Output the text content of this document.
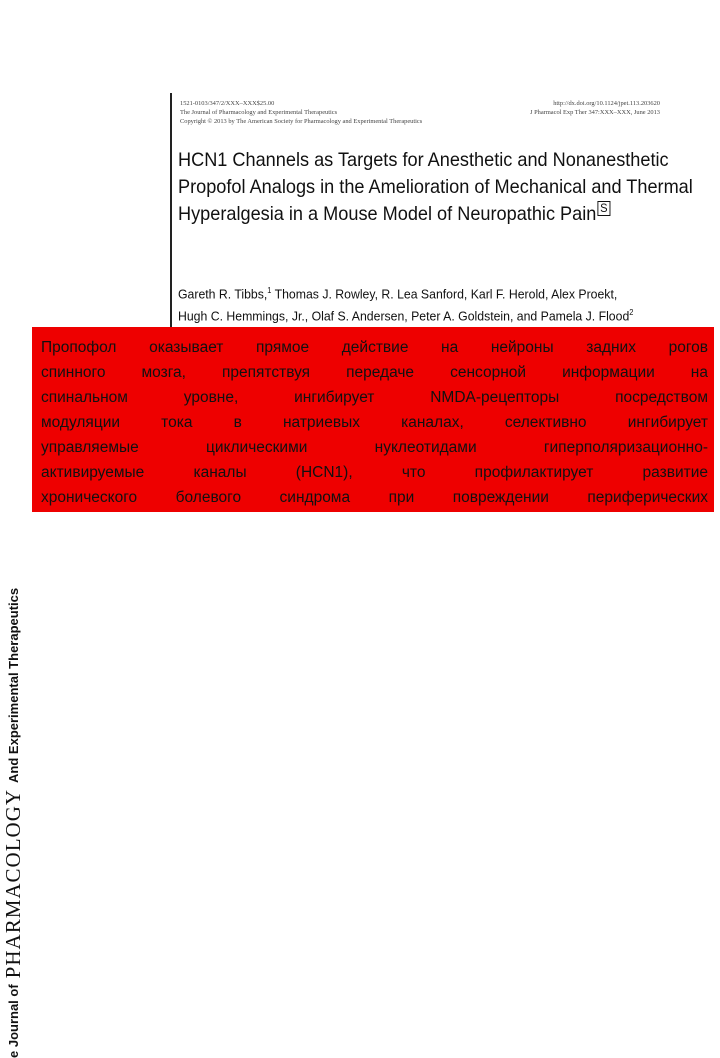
e Journal of
PHARMACOLOGY
And Experimental Therapeutics
1521-0103/347/2/XXX–XXX$25.00
The Journal of Pharmacology and Experimental Therapeutics
Copyright © 2013 by The American Society for Pharmacology and Experimental Therapeutics
http://dx.doi.org/10.1124/jpet.113.203620
J Pharmacol Exp Ther 347:XXX–XXX, June 2013
HCN1 Channels as Targets for Anesthetic and Nonanesthetic
Propofol Analogs in the Amelioration of Mechanical and Thermal
Hyperalgesia in a Mouse Model of Neuropathic Pain S
Gareth R. Tibbs,$^1$ Thomas J. Rowley, R. Lea Sanford, Karl F. Herold, Alex Proekt,
Hugh C. Hemmings, Jr., Olaf S. Andersen, Peter A. Goldstein, and Pamela J. Flood$^2$
Пропофол оказывает прямое действие на нейроны задних рогов
спинного мозга, препятствуя передаче сенсорной информации на
спинальном уровне, ингибирует NMDA-рецепторы посредством
модуляции тока в натриевых каналах, селективно ингибирует
управляемые циклическими нуклеотидами гиперполяризационно-
активируемые каналы (HCN1), что профилактирует развитие
хронического болевого синдрома при повреждении периферических
